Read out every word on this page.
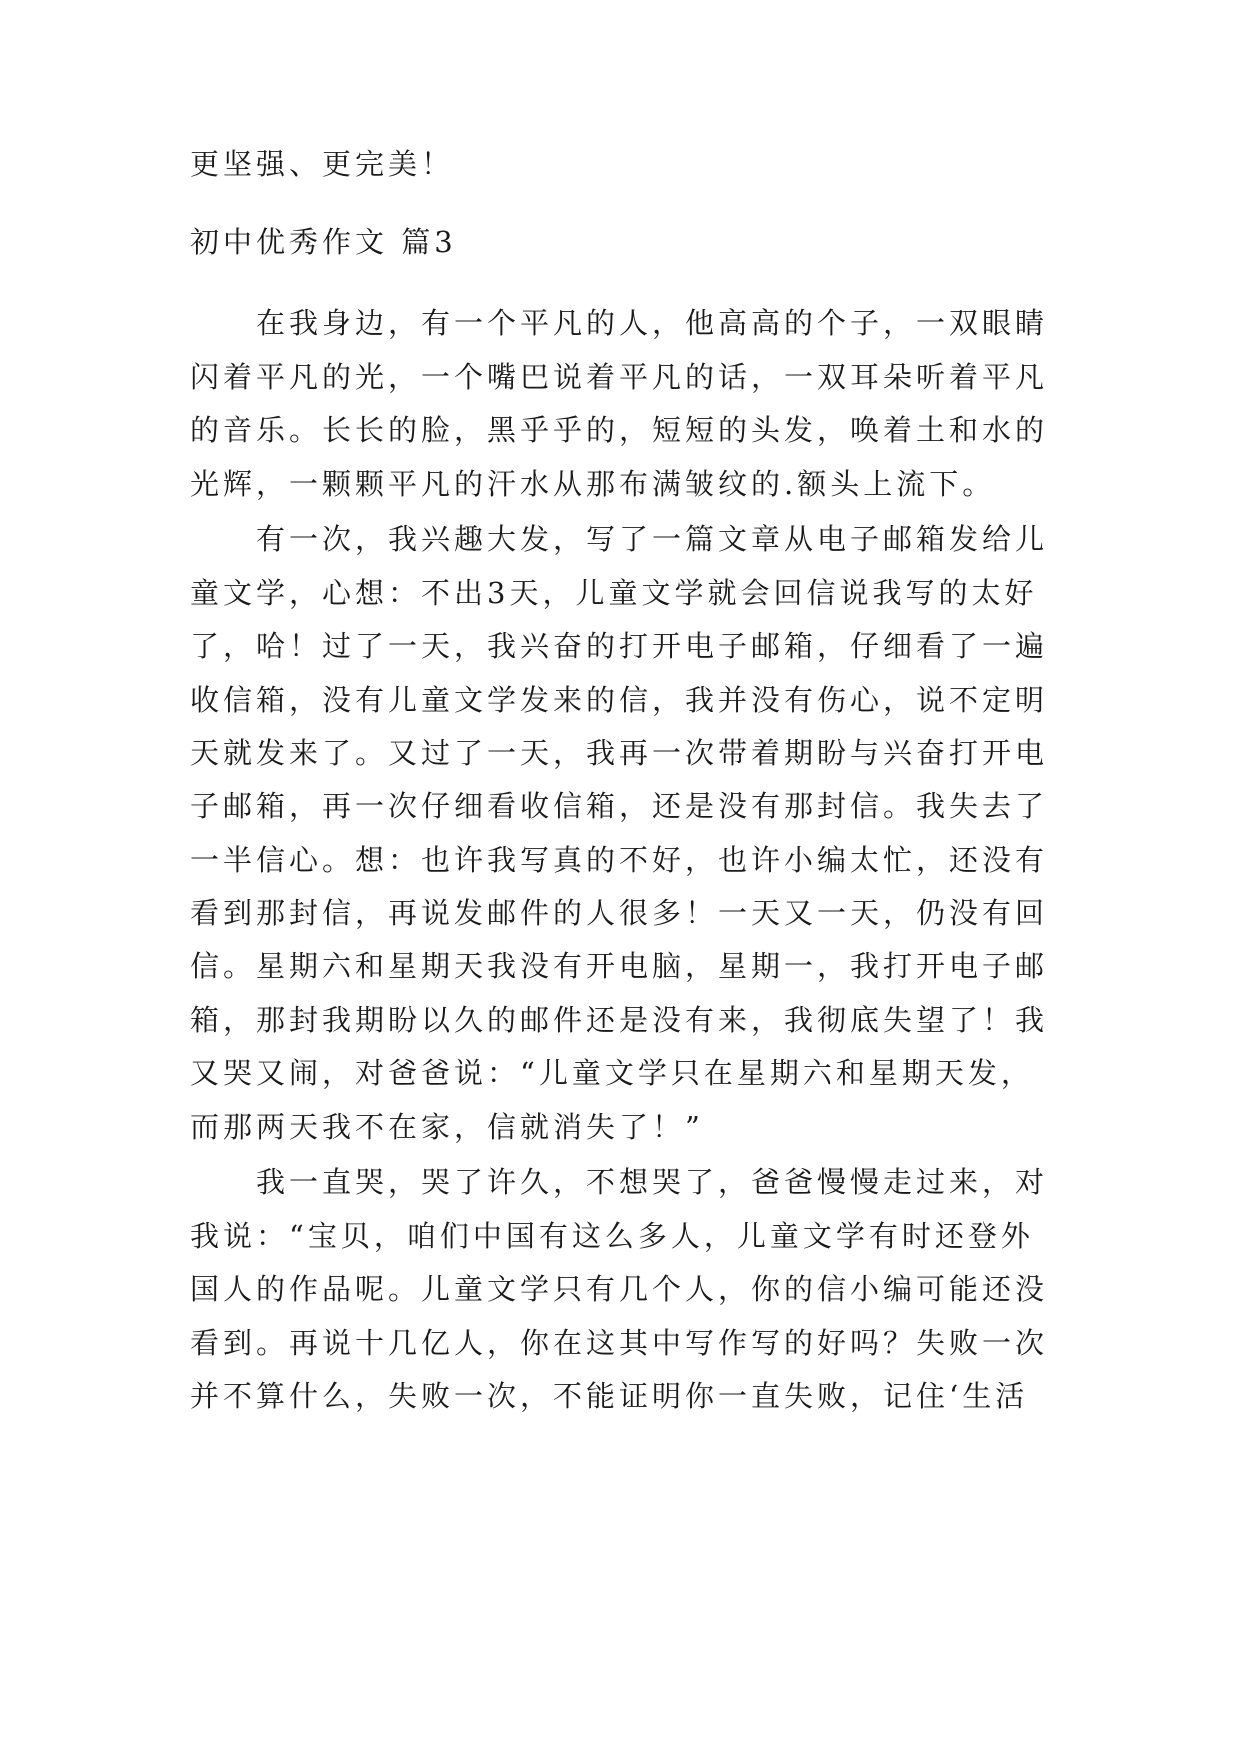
更坚强、更完美！
初中优秀作文 篇3
在我身边，有一个平凡的人，他高高的个子，一双眼睛
闪着平凡的光，一个嘴巴说着平凡的话，一双耳朵听着平凡
的音乐。长长的脸，黑乎乎的，短短的头发，唤着土和水的
光辉，一颗颗平凡的汗水从那布满皱纹的.额头上流下。
有一次，我兴趣大发，写了一篇文章从电子邮箱发给儿
童文学，心想：不出3天，儿童文学就会回信说我写的太好
了，哈！过了一天，我兴奋的打开电子邮箱，仔细看了一遍
收信箱，没有儿童文学发来的信，我并没有伤心，说不定明
天就发来了。又过了一天，我再一次带着期盼与兴奋打开电
子邮箱，再一次仔细看收信箱，还是没有那封信。我失去了
一半信心。想：也许我写真的不好，也许小编太忙，还没有
看到那封信，再说发邮件的人很多！一天又一天，仍没有回
信。星期六和星期天我没有开电脑，星期一，我打开电子邮
箱，那封我期盼以久的邮件还是没有来，我彻底失望了！我
又哭又闹，对爸爸说：“儿童文学只在星期六和星期天发，
而那两天我不在家，信就消失了！”
我一直哭，哭了许久，不想哭了，爸爸慢慢走过来，对
我说：“宝贝，咱们中国有这么多人，儿童文学有时还登外
国人的作品呢。儿童文学只有几个人，你的信小编可能还没
看到。再说十几亿人，你在这其中写作写的好吗？失败一次
并不算什么，失败一次，不能证明你一直失败，记住‘生活
